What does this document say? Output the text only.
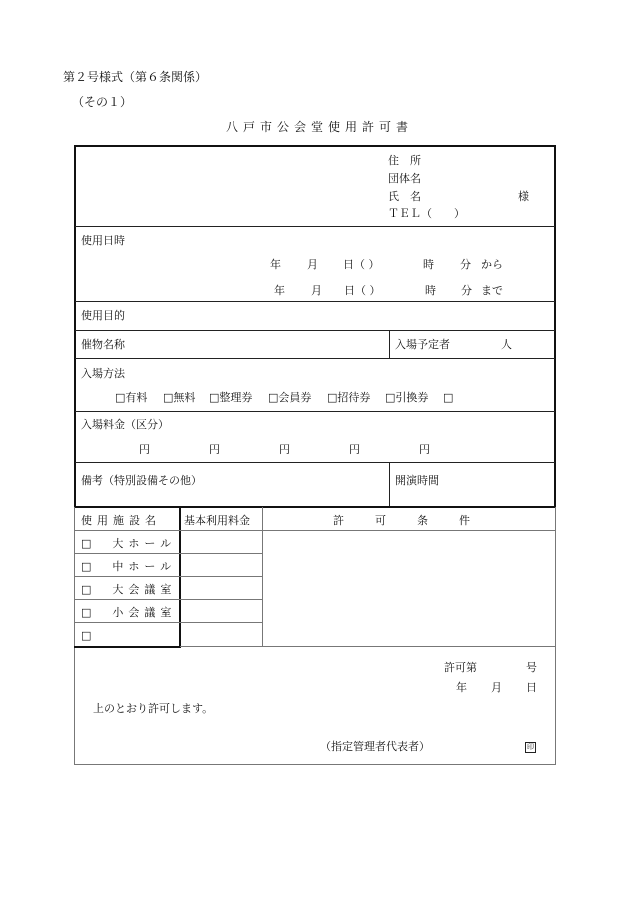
第２号様式（第６条関係）
（その１）
八戸市公会堂使用許可書
住　所
団体名
氏　名	様
ＴＥＬ（　　）
使用日時
年 月 日（ ）	時 分 から
年 月 日（ ）	時 分 まで
使用目的
催物名称	入場予定者	人
入場方法
□有料 □無料 □整理券 □会員券 □招待券 □引換券 □
入場料金（区分）
円	円	円	円	円
備考（特別設備その他）	開演時間
使用施設名 基本利用料金	許　　可　　条　　件
□　大ホール
□　中ホール
□　大会議室
□　小会議室
□
許可第	号
年 月 日
上のとおり許可します。
（指定管理者代表者）	印
